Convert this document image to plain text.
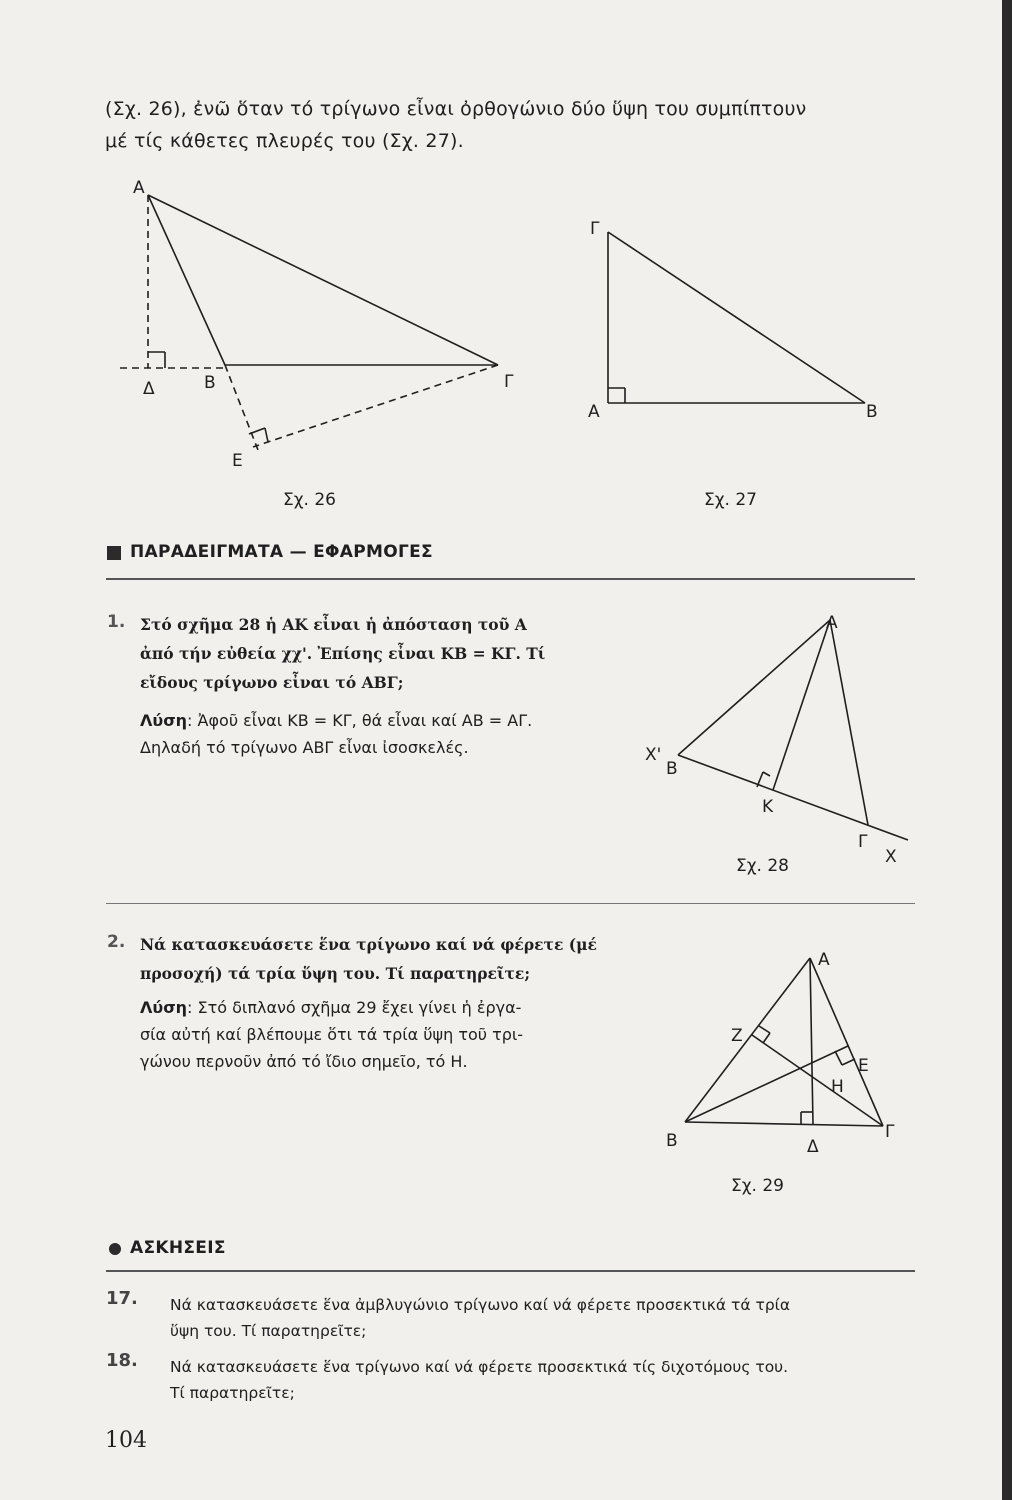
(Σχ. 26), ἐνῶ ὅταν τό τρίγωνο εἶναι ὀρθογώνιο δύο ὕψη του συμπίπτουν
μέ τίς κάθετες πλευρές του (Σχ. 27).
Α
Β	Γ
Δ
Ε
Σχ. 26
Γ
Α	Β
Σχ. 27
ΠΑΡΑΔΕΙΓΜΑΤΑ — ΕΦΑΡΜΟΓΕΣ
1. Στό σχῆμα 28 ἡ ΑΚ εἶναι ἡ ἀπόσταση τοῦ Α
ἀπό τήν εὐθεία χχ'. Ἐπίσης εἶναι ΚΒ = ΚΓ. Τί
εἴδους τρίγωνο εἶναι τό ΑΒΓ;
Λύση: Ἀφοῦ εἶναι ΚΒ = ΚΓ, θά εἶναι καί ΑΒ = ΑΓ.
Δηλαδή τό τρίγωνο ΑΒΓ εἶναι ἰσοσκελές.
Α
Β
Γ
Κ
Χ'
Χ
Σχ. 28
2. Νά κατασκευάσετε ἕνα τρίγωνο καί νά φέρετε (μέ
προσοχή) τά τρία ὕψη του. Τί παρατηρεῖτε;
Λύση: Στό διπλανό σχῆμα 29 ἔχει γίνει ἡ ἐργα-
σία αὐτή καί βλέπουμε ὅτι τά τρία ὕψη τοῦ τρι-
γώνου περνοῦν ἀπό τό ἴδιο σημεῖο, τό Η.
Α
Β	Γ
Δ
Ε
Ζ
Η
Σχ. 29
ΑΣΚΗΣΕΙΣ
17. Νά κατασκευάσετε ἕνα ἀμβλυγώνιο τρίγωνο καί νά φέρετε προσεκτικά τά τρία
ὕψη του. Τί παρατηρεῖτε;
18. Νά κατασκευάσετε ἕνα τρίγωνο καί νά φέρετε προσεκτικά τίς διχοτόμους του.
Τί παρατηρεῖτε;
104
